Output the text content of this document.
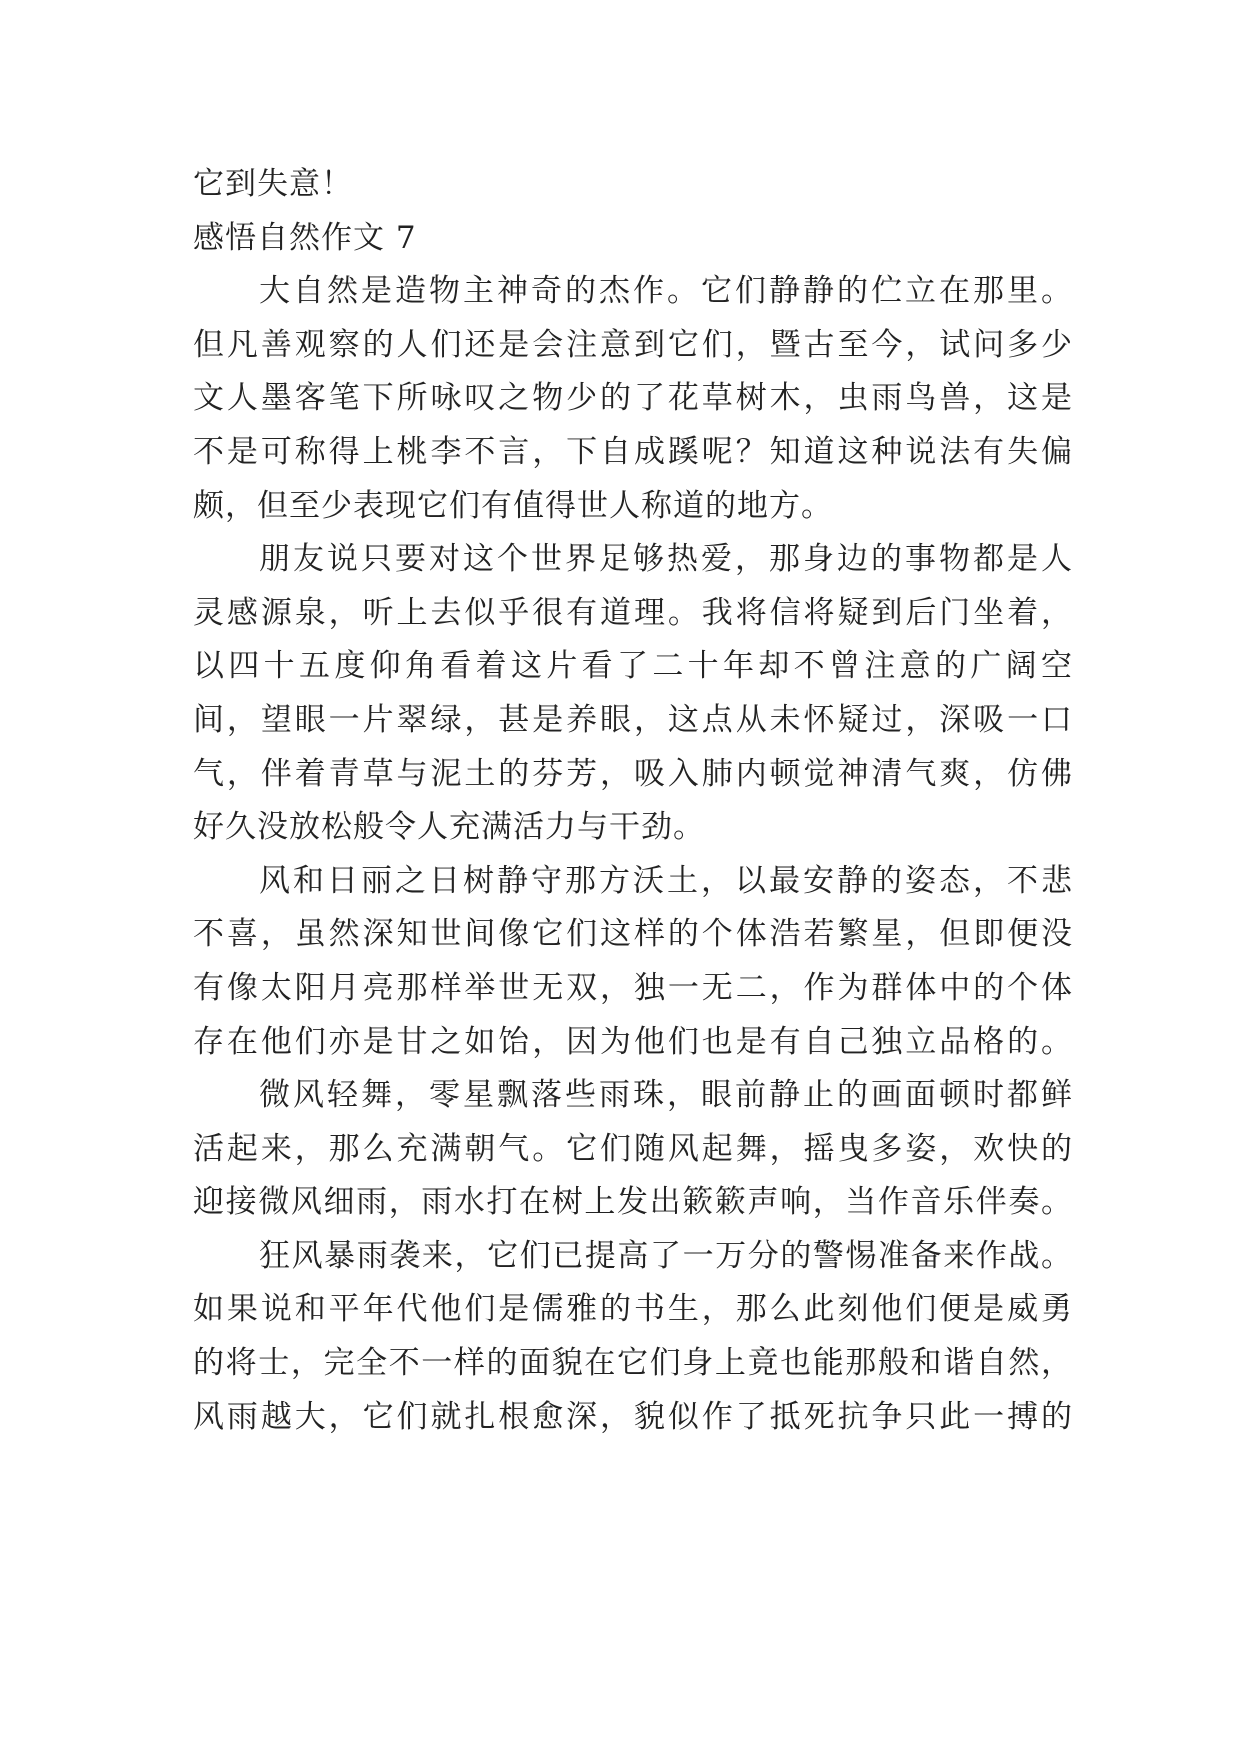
它到失意！
感悟自然作文 7
大自然是造物主神奇的杰作。它们静静的伫立在那里。
但凡善观察的人们还是会注意到它们，暨古至今，试问多少
文人墨客笔下所咏叹之物少的了花草树木，虫雨鸟兽，这是
不是可称得上桃李不言，下自成蹊呢？知道这种说法有失偏
颇，但至少表现它们有值得世人称道的地方。
朋友说只要对这个世界足够热爱，那身边的事物都是人
灵感源泉，听上去似乎很有道理。我将信将疑到后门坐着，
以四十五度仰角看着这片看了二十年却不曾注意的广阔空
间，望眼一片翠绿，甚是养眼，这点从未怀疑过，深吸一口
气，伴着青草与泥土的芬芳，吸入肺内顿觉神清气爽，仿佛
好久没放松般令人充满活力与干劲。
风和日丽之日树静守那方沃土，以最安静的姿态，不悲
不喜，虽然深知世间像它们这样的个体浩若繁星，但即便没
有像太阳月亮那样举世无双，独一无二，作为群体中的个体
存在他们亦是甘之如饴，因为他们也是有自己独立品格的。
微风轻舞，零星飘落些雨珠，眼前静止的画面顿时都鲜
活起来，那么充满朝气。它们随风起舞，摇曳多姿，欢快的
迎接微风细雨，雨水打在树上发出簌簌声响，当作音乐伴奏。
狂风暴雨袭来，它们已提高了一万分的警惕准备来作战。
如果说和平年代他们是儒雅的书生，那么此刻他们便是威勇
的将士，完全不一样的面貌在它们身上竟也能那般和谐自然，
风雨越大，它们就扎根愈深，貌似作了抵死抗争只此一搏的
